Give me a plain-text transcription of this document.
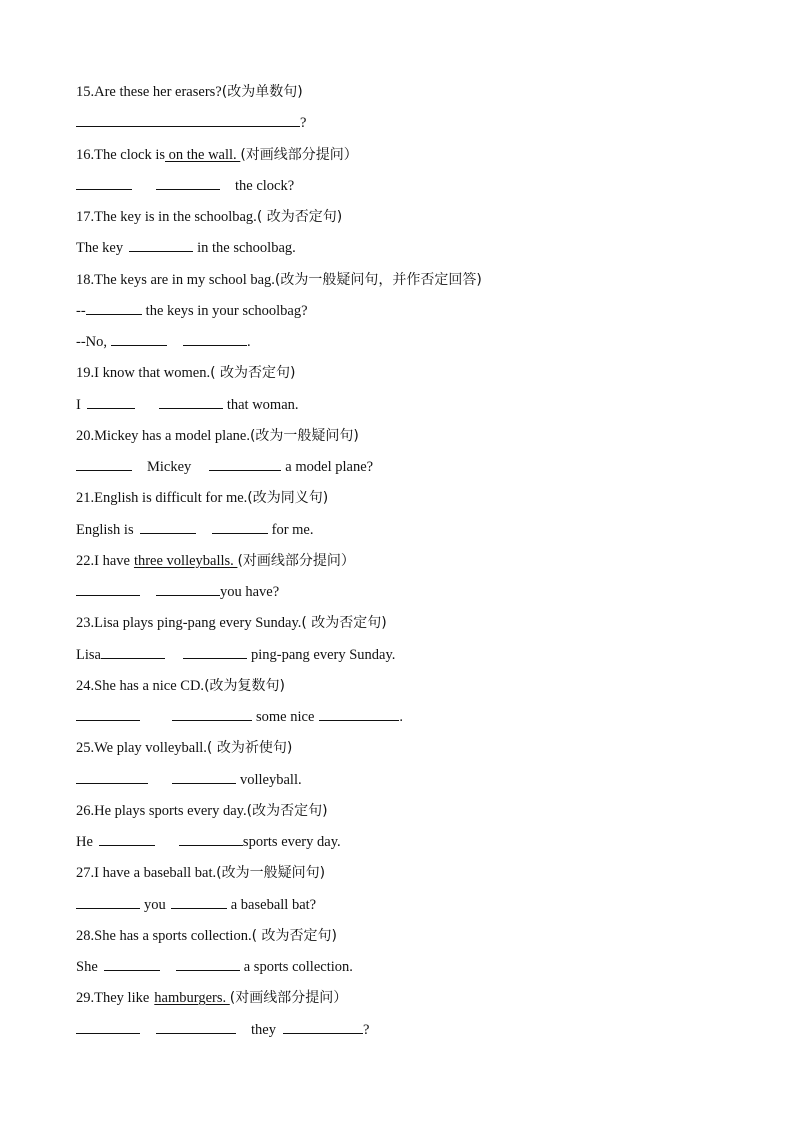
15.Are these her erasers?(改为单数句)
?
16.The clock is on the wall. (对画线部分提问）
the clock?
17.The key is in the schoolbag.( 改为否定句)
The key	in the schoolbag.
18.The keys are in my school bag.(改为一般疑问句，并作否定回答)
--	the keys in your schoolbag?
--No,	.
19.I know that women.( 改为否定句)
I	that woman.
20.Mickey has a model plane.(改为一般疑问句)
Mickey	a model plane?
21.English is difficult for me.(改为同义句)
English is	for me.
22.I have three volleyballs. (对画线部分提问）
you have?
23.Lisa plays ping-pang every Sunday.( 改为否定句)
Lisa	ping-pang every Sunday.
24.She has a nice CD.(改为复数句)
some nice	.
25.We play volleyball.( 改为祈使句)
volleyball.
26.He plays sports every day.(改为否定句)
He	sports every day.
27.I have a baseball bat.(改为一般疑问句)
you	a baseball bat?
28.She has a sports collection.( 改为否定句)
She	a sports collection.
29.They like hamburgers. (对画线部分提问）
they	?
